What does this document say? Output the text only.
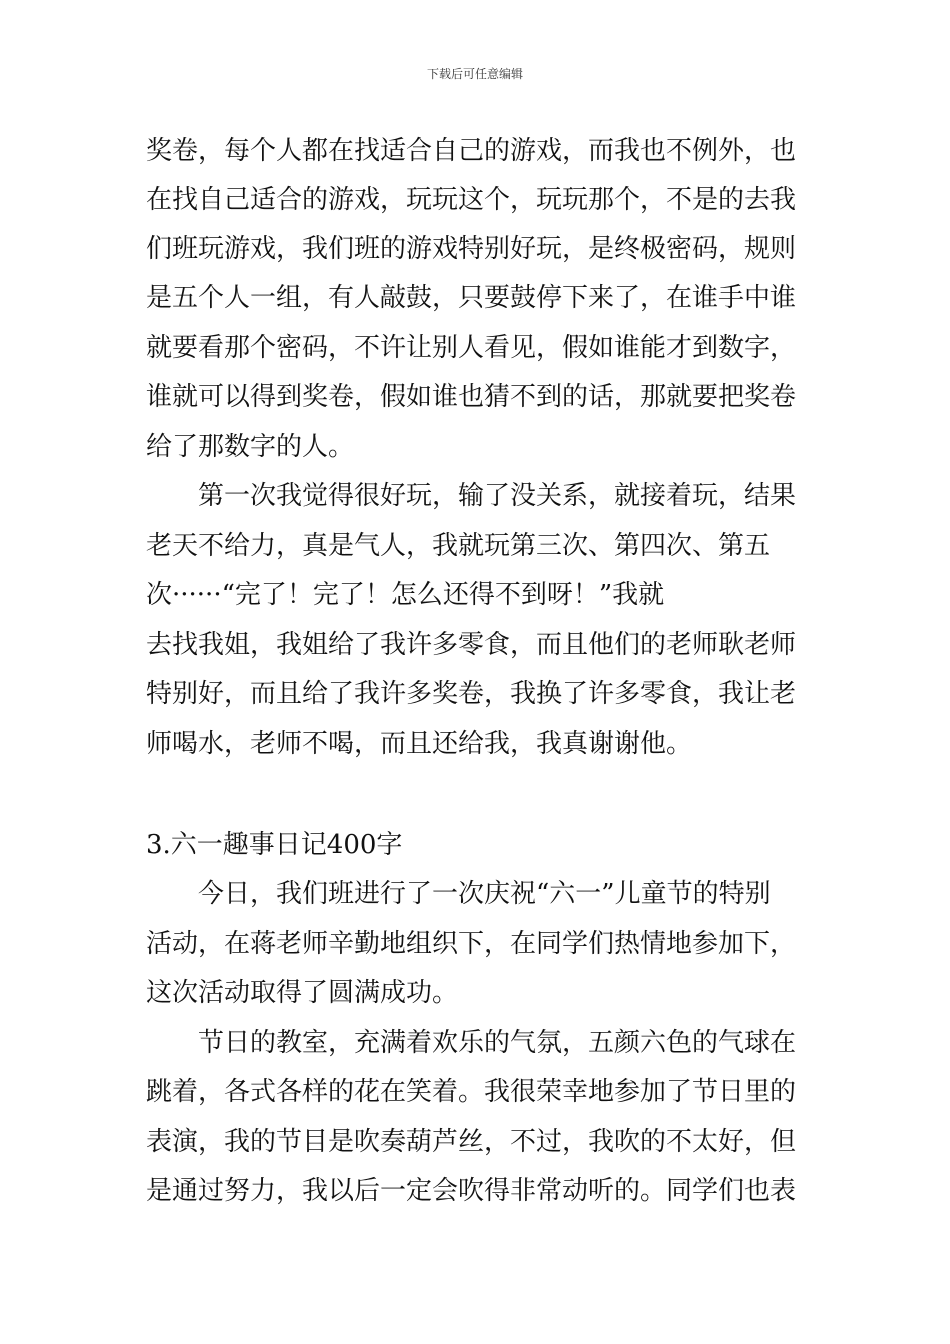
下载后可任意编辑
奖卷，每个人都在找适合自己的游戏，而我也不例外，也
在找自己适合的游戏，玩玩这个，玩玩那个，不是的去我
们班玩游戏，我们班的游戏特别好玩，是终极密码，规则
是五个人一组，有人敲鼓，只要鼓停下来了，在谁手中谁
就要看那个密码，不许让别人看见，假如谁能才到数字，
谁就可以得到奖卷，假如谁也猜不到的话，那就要把奖卷
给了那数字的人。
　　第一次我觉得很好玩，输了没关系，就接着玩，结果
老天不给力，真是气人，我就玩第三次、第四次、第五
次······“完了！完了！怎么还得不到呀！”我就
去找我姐，我姐给了我许多零食，而且他们的老师耿老师
特别好，而且给了我许多奖卷，我换了许多零食，我让老
师喝水，老师不喝，而且还给我，我真谢谢他。
3.六一趣事日记400字
　　今日，我们班进行了一次庆祝“六一”儿童节的特别
活动，在蒋老师辛勤地组织下，在同学们热情地参加下，
这次活动取得了圆满成功。
　　节日的教室，充满着欢乐的气氛，五颜六色的气球在
跳着，各式各样的花在笑着。我很荣幸地参加了节日里的
表演，我的节目是吹奏葫芦丝，不过，我吹的不太好，但
是通过努力，我以后一定会吹得非常动听的。同学们也表
